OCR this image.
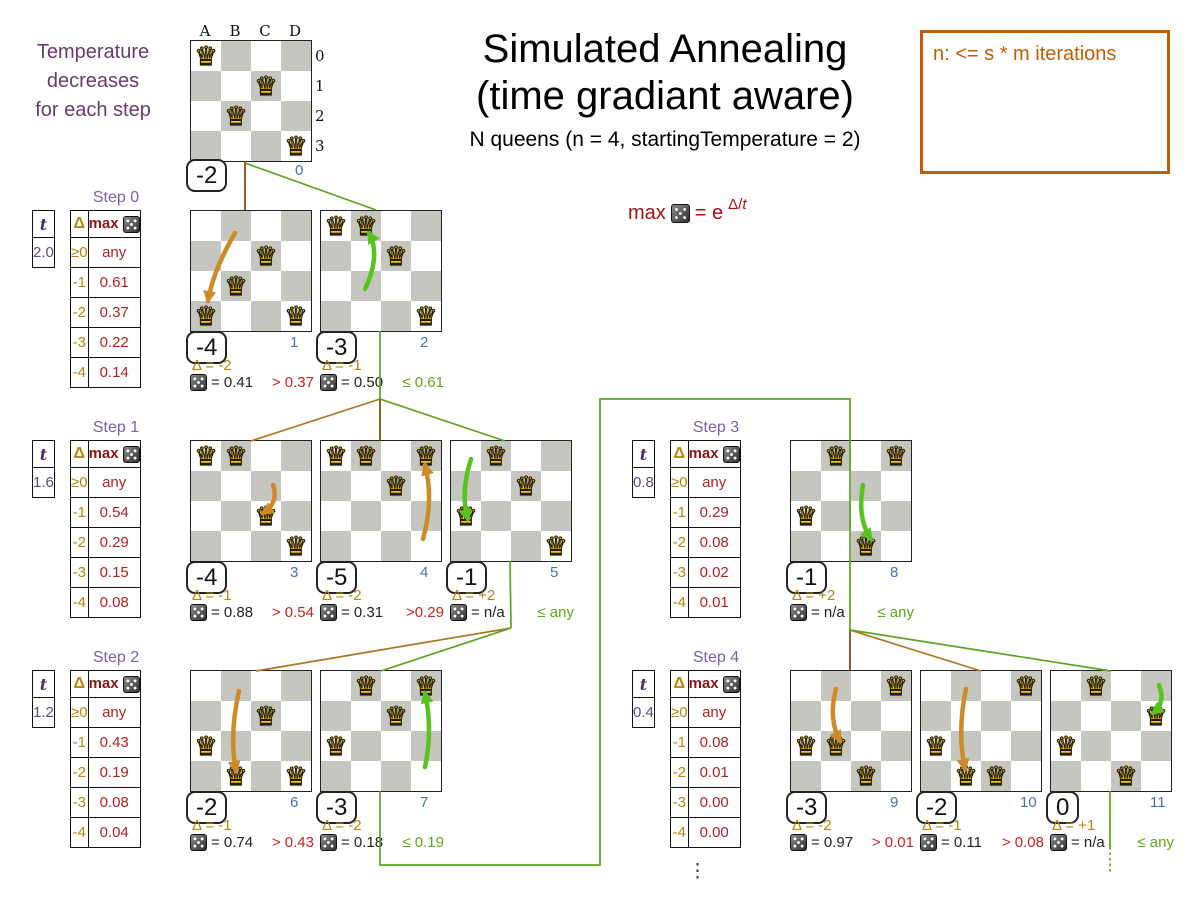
Temperature
decreases
for each step
Simulated Annealing
(time gradiant aware)
N queens (n = 4, startingTemperature = 2)
n: <= s * m iterations
max = e $^{\Delta/t}$
⋮
Step 0
t
2.0
Δ	max
≥0	any
-1	0.61
-2	0.37
-3	0.22
-4	0.14
Step 1
t
1.6
Δ	max
≥0	any
-1	0.54
-2	0.29
-3	0.15
-4	0.08
Step 2
t
1.2
Δ	max
≥0	any
-1	0.43
-2	0.19
-3	0.08
-4	0.04
Step 3
t
0.8
Δ	max
≥0	any
-1	0.29
-2	0.08
-3	0.02
-4	0.01
Step 4
t
0.4
Δ	max
≥0	any
-1	0.08
-2	0.01
-3	0.00
-4	0.00
♛
♛
♛
♛
A	B	C	D
0
1
2
3
-2	0
♛
♛
♛	♛
-4	1
Δ = -2
= 0.41 > 0.37
♛ ♛
♛
♛
-3	2
Δ = -1
= 0.50 ≤ 0.61
♛ ♛
♛
♛
-4	3
Δ = -1
= 0.88 > 0.54
♛ ♛
♛
♛
-5	4
Δ = -2
= 0.31 >0.29
♛
♛
♛
♛
-1	5
Δ = +2
= n/a ≤ any
♛
♛
♛ ♛
-2	6
Δ = -1
= 0.74 > 0.43
♛
♛
♛
♛
-3	7
Δ = -2
= 0.18 ≤ 0.19
♛ ♛
♛
♛
-1	8
Δ = +2
= n/a ≤ any
♛
♛ ♛
♛
-3	9
Δ = -2
= 0.97 > 0.01
♛
♛
♛ ♛
-2	10
Δ = -1
= 0.11 > 0.08
♛
♛
♛
♛
0	11
Δ = +1
= n/a ≤ any
